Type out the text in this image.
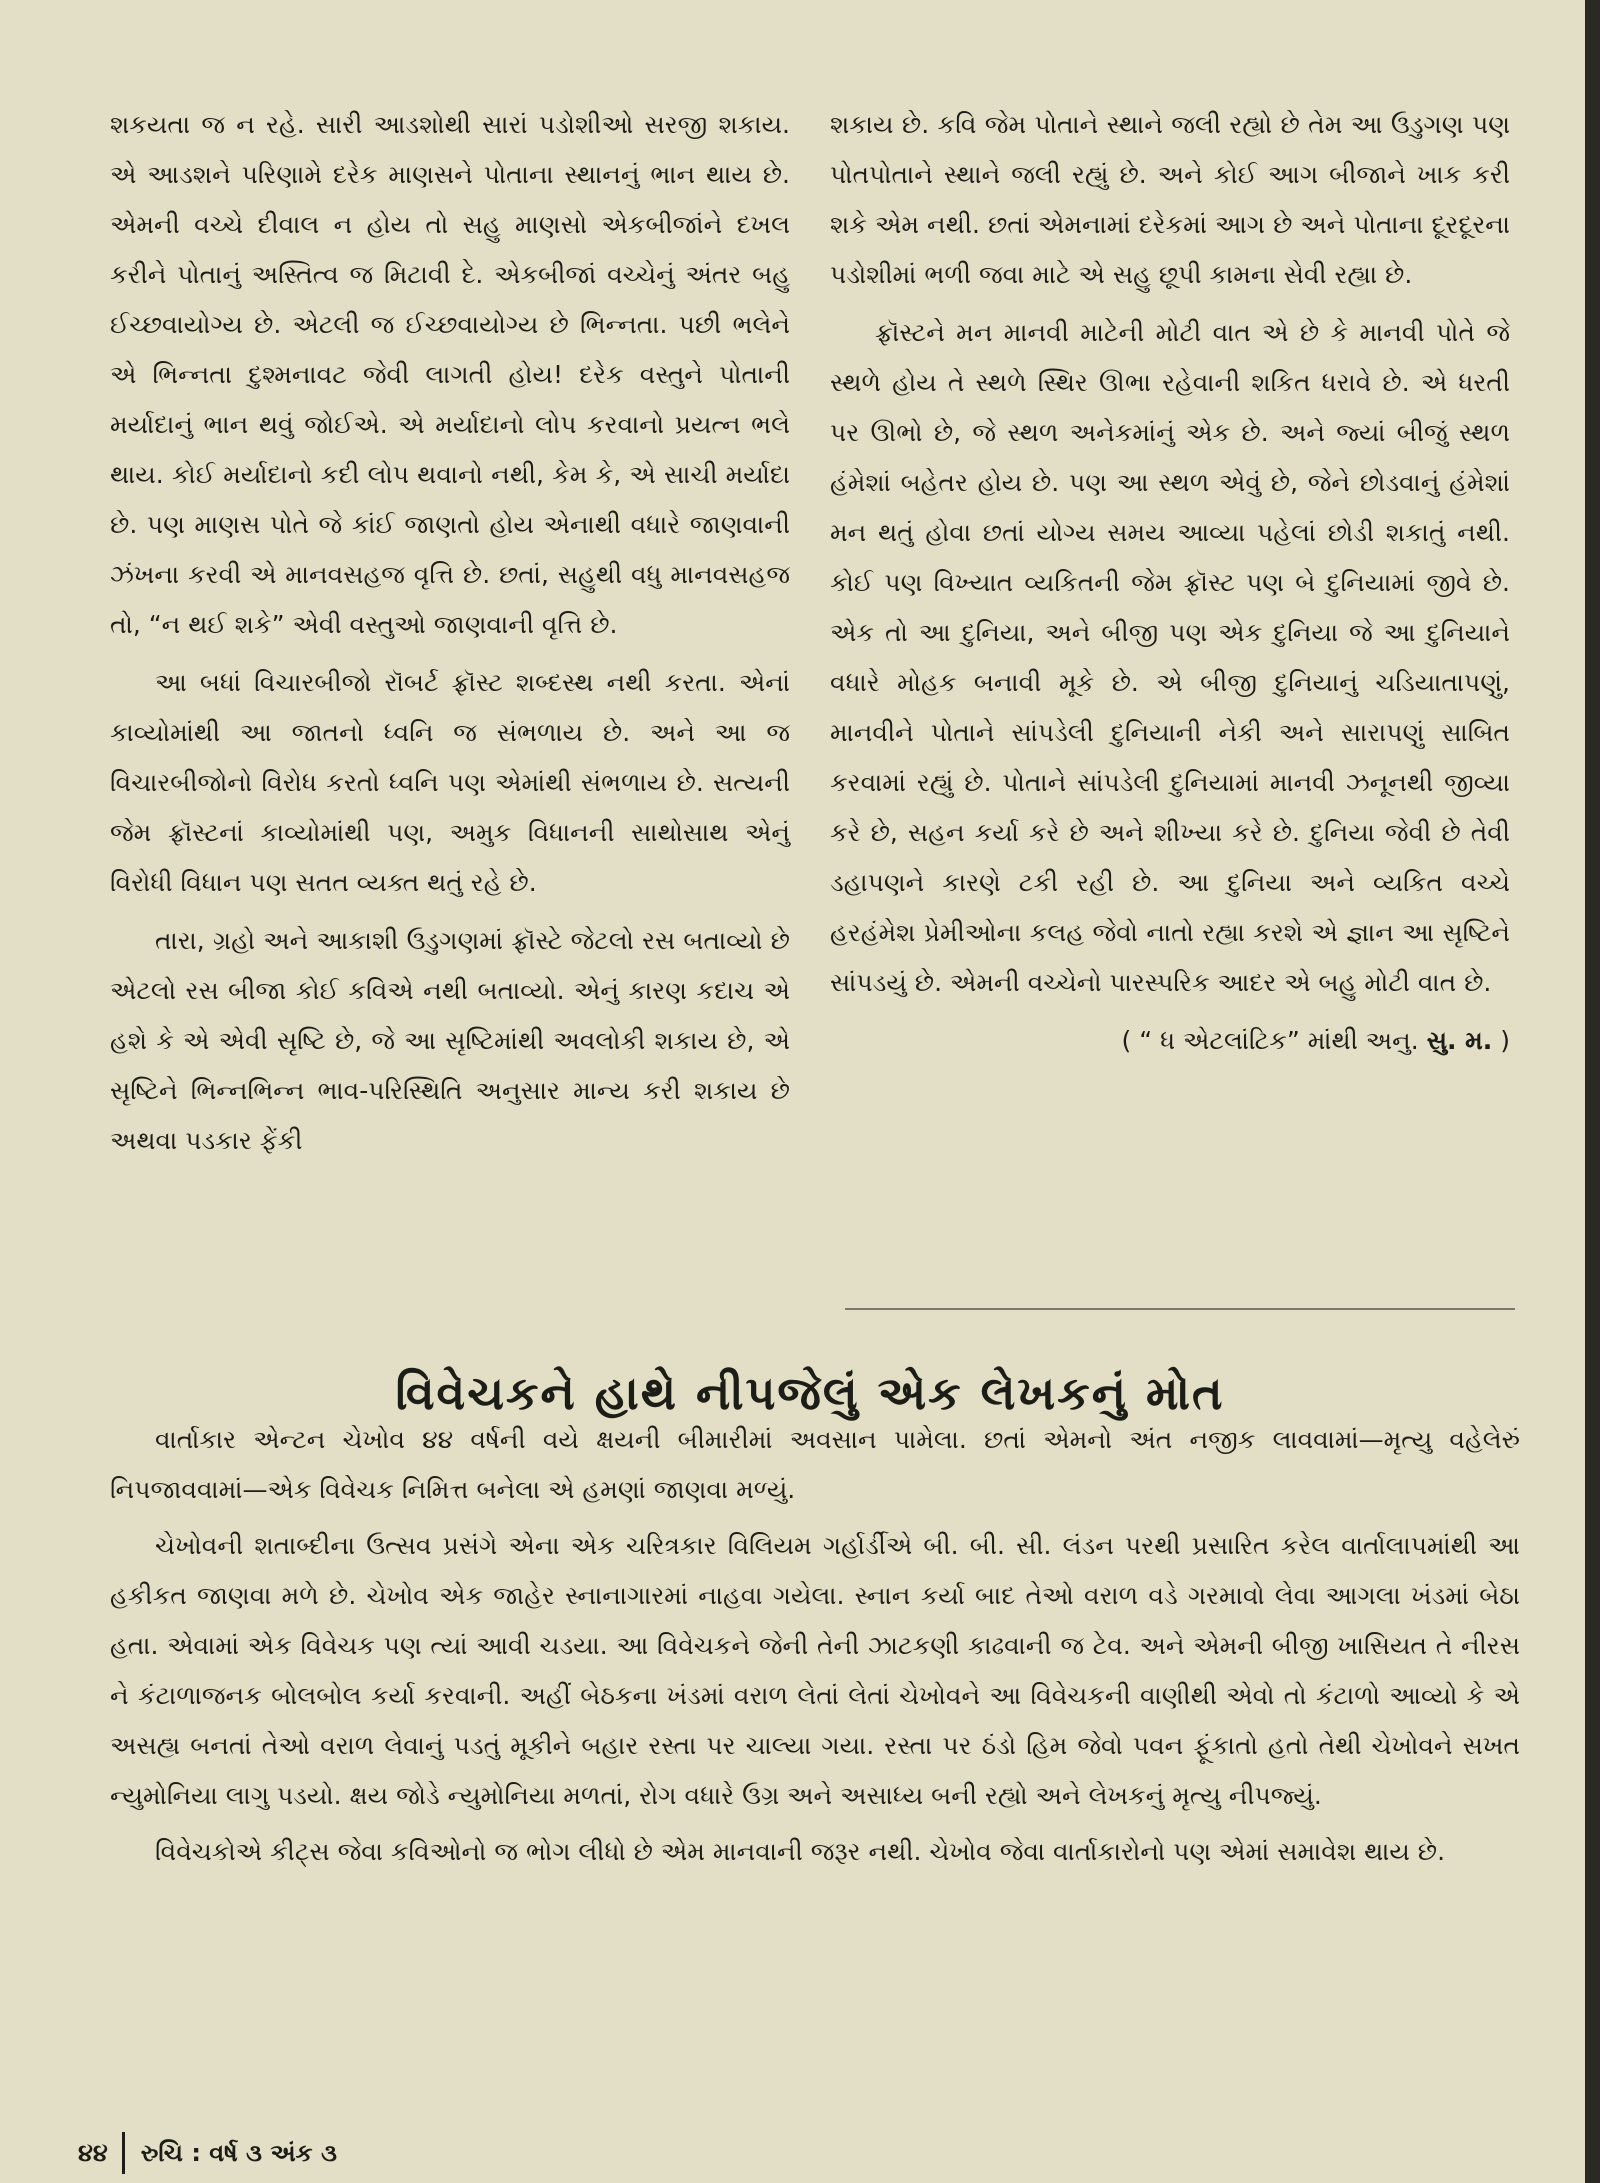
શકયતા જ ન રહે. સારી આડશોથી સારાં પડોશીઓ સરજી શકાય. એ આડશને પરિણામે દરેક માણસને પોતાના સ્થાનનું ભાન થાય છે. એમની વચ્ચે દીવાલ ન હોય તો સહુ માણસો એકબીજાંને દખલ કરીને પોતાનું અસ્તિત્વ જ મિટાવી દે. એકબીજાં વચ્ચેનું અંતર બહુ ઈચ્છવાયોગ્ય છે. એટલી જ ઈચ્છવાયોગ્ય છે ભિન્નતા. પછી ભલેને એ ભિન્નતા દુશ્મનાવટ જેવી લાગતી હોય! દરેક વસ્તુને પોતાની મર્યાદાનું ભાન થવું જોઈએ. એ મર્યાદાનો લોપ કરવાનો પ્રયત્ન ભલે થાય. કોઈ મર્યાદાનો કદી લોપ થવાનો નથી, કેમ કે, એ સાચી મર્યાદા છે. પણ માણસ પોતે જે કાંઈ જાણતો હોય એનાથી વધારે જાણવાની ઝંખના કરવી એ માનવસહજ વૃત્તિ છે. છતાં, સહુથી વધુ માનવસહજ તો, “ન થઈ શકે” એવી વસ્તુઓ જાણવાની વૃત્તિ છે.

આ બધાં વિચારબીજો રૉબર્ટ ફ્રૉસ્ટ શબ્દસ્થ નથી કરતા. એનાં કાવ્યોમાંથી આ જાતનો ધ્વનિ જ સંભળાય છે. અને આ જ વિચારબીજોનો વિરોધ કરતો ધ્વનિ પણ એમાંથી સંભળાય છે. સત્યની જેમ ફ્રૉસ્ટનાં કાવ્યોમાંથી પણ, અમુક વિધાનની સાથોસાથ એનું વિરોધી વિધાન પણ સતત વ્યક્ત થતું રહે છે.

તારા, ગ્રહો અને આકાશી ઉડુગણમાં ફ્રૉસ્ટે જેટલો રસ બતાવ્યો છે એટલો રસ બીજા કોઈ કવિએ નથી બતાવ્યો. એનું કારણ કદાચ એ હશે કે એ એવી સૃષ્ટિ છે, જે આ સૃષ્ટિમાંથી અવલોકી શકાય છે, એ સૃષ્ટિને ભિન્નભિન્ન ભાવ-પરિસ્થિતિ અનુસાર માન્ય કરી શકાય છે અથવા પડકાર ફેંકી

શકાય છે. કવિ જેમ પોતાને સ્થાને જલી રહ્યો છે તેમ આ ઉડુગણ પણ પોતપોતાને સ્થાને જલી રહ્યું છે. અને કોઈ આગ બીજાને ખાક કરી શકે એમ નથી. છતાં એમનામાં દરેકમાં આગ છે અને પોતાના દૂરદૂરના પડોશીમાં ભળી જવા માટે એ સહુ છૂપી કામના સેવી રહ્યા છે.

ફ્રૉસ્ટને મન માનવી માટેની મોટી વાત એ છે કે માનવી પોતે જે સ્થળે હોય તે સ્થળે સ્થિર ઊભા રહેવાની શકિત ધરાવે છે. એ ધરતી પર ઊભો છે, જે સ્થળ અનેકમાંનું એક છે. અને જ્યાં બીજું સ્થળ હંમેશાં બહેતર હોય છે. પણ આ સ્થળ એવું છે, જેને છોડવાનું હંમેશાં મન થતું હોવા છતાં યોગ્ય સમય આવ્યા પહેલાં છોડી શકાતું નથી. કોઈ પણ વિખ્યાત વ્યકિતની જેમ ફ્રૉસ્ટ પણ બે દુનિયામાં જીવે છે. એક તો આ દુનિયા, અને બીજી પણ એક દુનિયા જે આ દુનિયાને વધારે મોહક બનાવી મૂકે છે. એ બીજી દુનિયાનું ચડિયાતાપણું, માનવીને પોતાને સાંપડેલી દુનિયાની નેકી અને સારાપણું સાબિત કરવામાં રહ્યું છે. પોતાને સાંપડેલી દુનિયામાં માનવી ઝનૂનથી જીવ્યા કરે છે, સહન કર્યા કરે છે અને શીખ્યા કરે છે. દુનિયા જેવી છે તેવી ડહાપણને કારણે ટકી રહી છે. આ દુનિયા અને વ્યકિત વચ્ચે હરહંમેશ પ્રેમીઓના કલહ જેવો નાતો રહ્યા કરશે એ જ્ઞાન આ સૃષ્ટિને સાંપડયું છે. એમની વચ્ચેનો પારસ્પરિક આદર એ બહુ મોટી વાત છે.

( “ ધ એટલાંટિક” માંથી અનુ. સુ. મ. )
વિવેચકને હાથે નીપજેલું એક લેખકનું મોત

વાર્તાકાર એન્ટન ચેખોવ ૪૪ વર્ષની વયે ક્ષયની બીમારીમાં અવસાન પામેલા. છતાં એમનો અંત નજીક લાવવામાં—મૃત્યુ વહેલેરું નિપજાવવામાં—એક વિવેચક નિમિત્ત બનેલા એ હમણાં જાણવા મળ્યું.

ચેખોવની શતાબ્દીના ઉત્સવ પ્રસંગે એના એક ચરિત્રકાર વિલિયમ ગર્હાર્ડીએ બી. બી. સી. લંડન પરથી પ્રસારિત કરેલ વાર્તાલાપમાંથી આ હકીકત જાણવા મળે છે. ચેખોવ એક જાહેર સ્નાનાગારમાં નાહવા ગયેલા. સ્નાન કર્યા બાદ તેઓ વરાળ વડે ગરમાવો લેવા આગલા ખંડમાં બેઠા હતા. એવામાં એક વિવેચક પણ ત્યાં આવી ચડયા. આ વિવેચકને જેની તેની ઝાટકણી કાઢવાની જ ટેવ. અને એમની બીજી ખાસિયત તે નીરસ ને કંટાળાજનક બોલબોલ કર્યા કરવાની. અહીં બેઠકના ખંડમાં વરાળ લેતાં લેતાં ચેખોવને આ વિવેચકની વાણીથી એવો તો કંટાળો આવ્યો કે એ અસહ્ય બનતાં તેઓ વરાળ લેવાનું પડતું મૂકીને બહાર રસ્તા પર ચાલ્યા ગયા. રસ્તા પર ઠંડો હિમ જેવો પવન ફૂંકાતો હતો તેથી ચેખોવને સખત ન્યુમોનિયા લાગુ પડયો. ક્ષય જોડે ન્યુમોનિયા મળતાં, રોગ વધારે ઉગ્ર અને અસાધ્ય બની રહ્યો અને લેખકનું મૃત્યુ નીપજ્યું.

વિવેચકોએ કીટ્સ જેવા કવિઓનો જ ભોગ લીધો છે એમ માનવાની જરૂર નથી. ચેખોવ જેવા વાર્તાકારોનો પણ એમાં સમાવેશ થાય છે.

૪૪ રુચિ : વર્ષ ૩ અંક ૩
